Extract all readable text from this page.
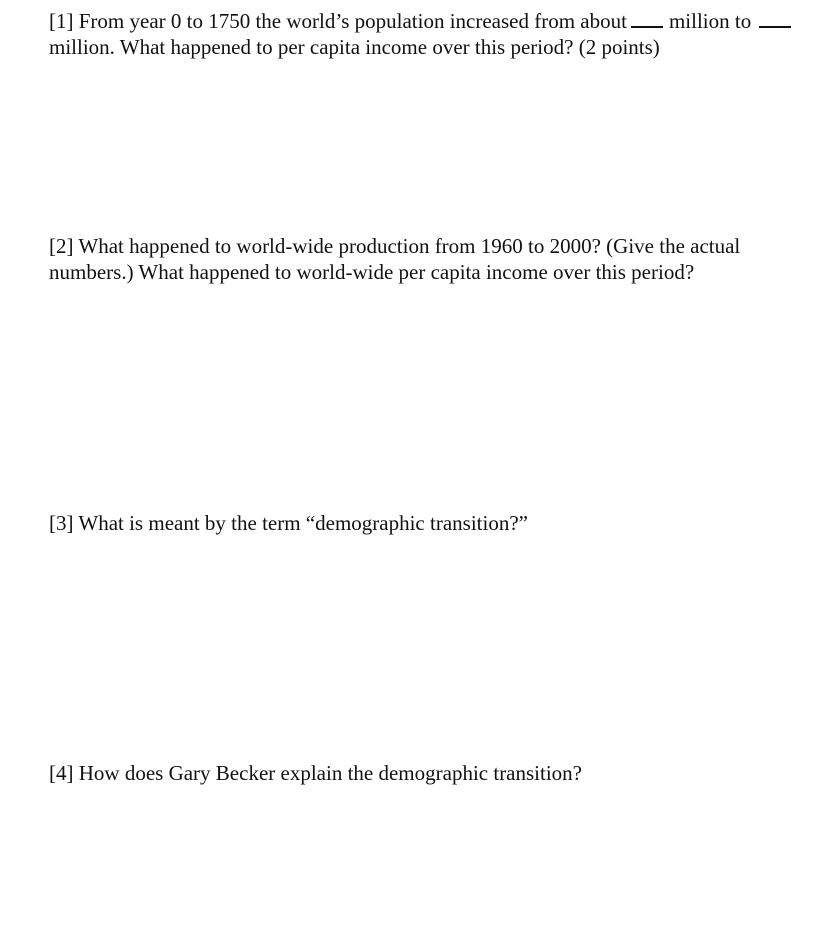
[1] From year 0 to 1750 the world’s population increased from about million to
million. What happened to per capita income over this period? (2 points)
[2] What happened to world-wide production from 1960 to 2000? (Give the actual
numbers.) What happened to world-wide per capita income over this period?
[3] What is meant by the term “demographic transition?”
[4] How does Gary Becker explain the demographic transition?
